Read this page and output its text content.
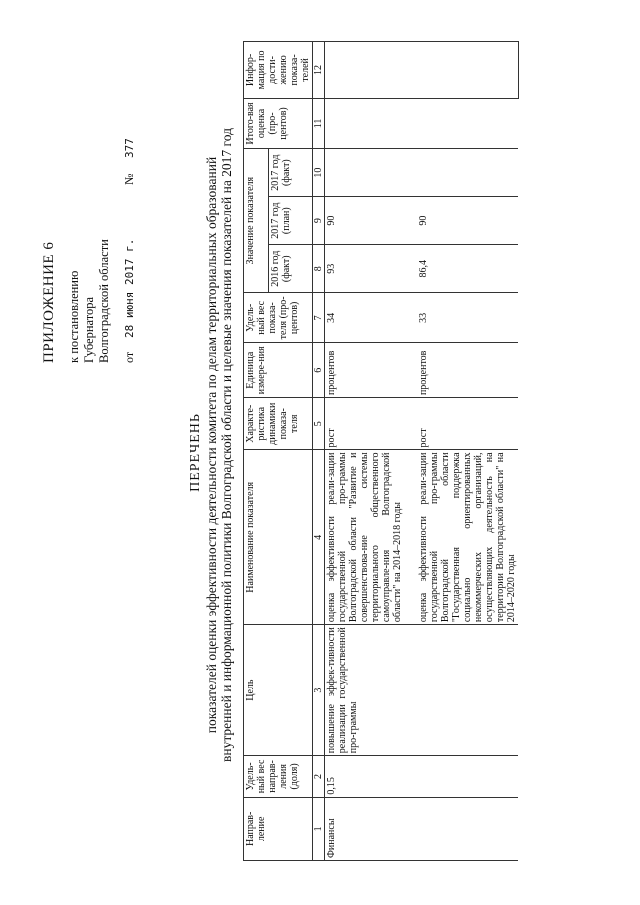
ПРИЛОЖЕНИЕ 6 к постановлению Губернатора Волгоградской области от 28 июня 2017 г. № 377
ПЕРЕЧЕНЬ показателей оценки эффективности деятельности комитета по делам территориальных образований внутренней и информационной политики Волгоградской области и целевые значения показателей на 2017 год
Направ-ление	Удель-ный вес направ-ления (доля)	Цель	Наименование показателя	Характе-ристика динамики показа-теля	Единица измере-ния	Удель-ный вес показа-теля (про-центов)	Значение показателя			Итого-вая оценка (про-центов)	Инфор-мация по дости-жению показа-телей
							2016 год (факт)	2017 год (план)	2017 год (факт)		
1	2	3	4	5	6	7	8	9	10	11	12
Финансы	0,15	повышение эффек-тивности реализации государственной про-граммы	оценка эффективности реали-зации государственной про-граммы Волгоградской области "Развитие и совершенствова-ние системы территориального общественного самоуправле-ния Волгоградской области" на 2014–2018 годы	рост	процентов	34	93	90			
			оценка эффективности реали-зации государственной про-граммы Волгоградской области "Государственная поддержка социально ориентированных некоммерческих организаций, осуществляющих деятельность на территории Волгоградской области" на 2014–2020 годы	рост	процентов	33	86,4	90			
